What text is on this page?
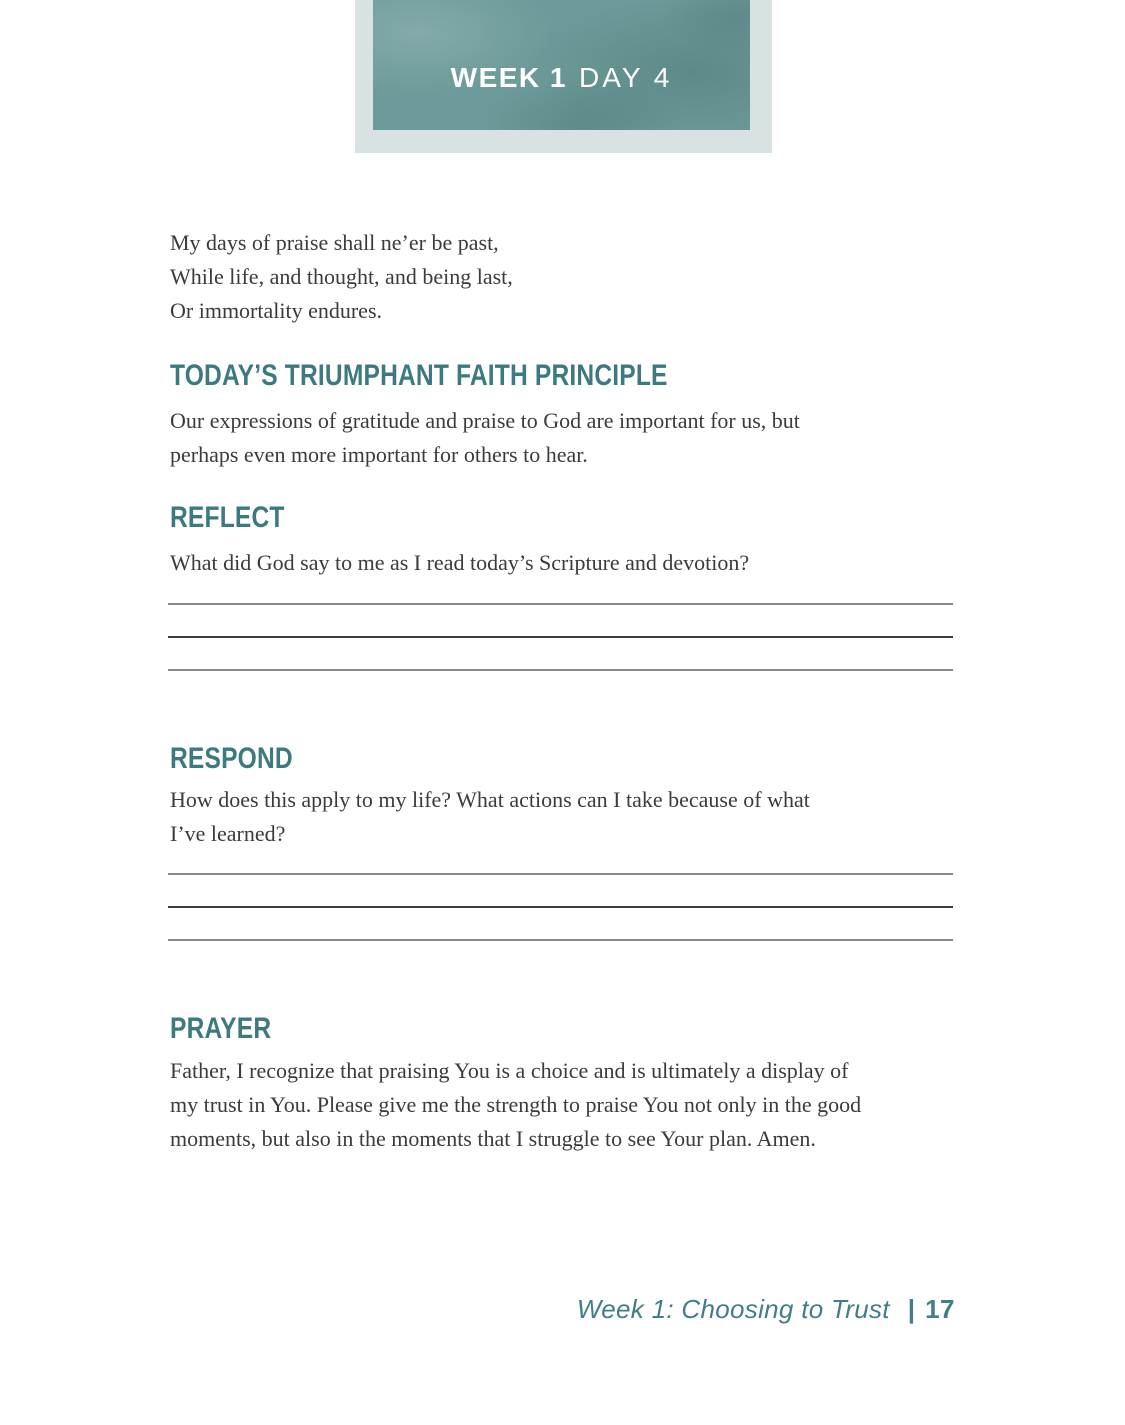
WEEK 1 DAY 4
My days of praise shall ne’er be past,
While life, and thought, and being last,
Or immortality endures.
TODAY’S TRIUMPHANT FAITH PRINCIPLE
Our expressions of gratitude and praise to God are important for us, but
perhaps even more important for others to hear.
REFLECT
What did God say to me as I read today’s Scripture and devotion?
RESPOND
How does this apply to my life? What actions can I take because of what
I’ve learned?
PRAYER
Father, I recognize that praising You is a choice and is ultimately a display of
my trust in You. Please give me the strength to praise You not only in the good
moments, but also in the moments that I struggle to see Your plan. Amen.
Week 1: Choosing to Trust | 17
